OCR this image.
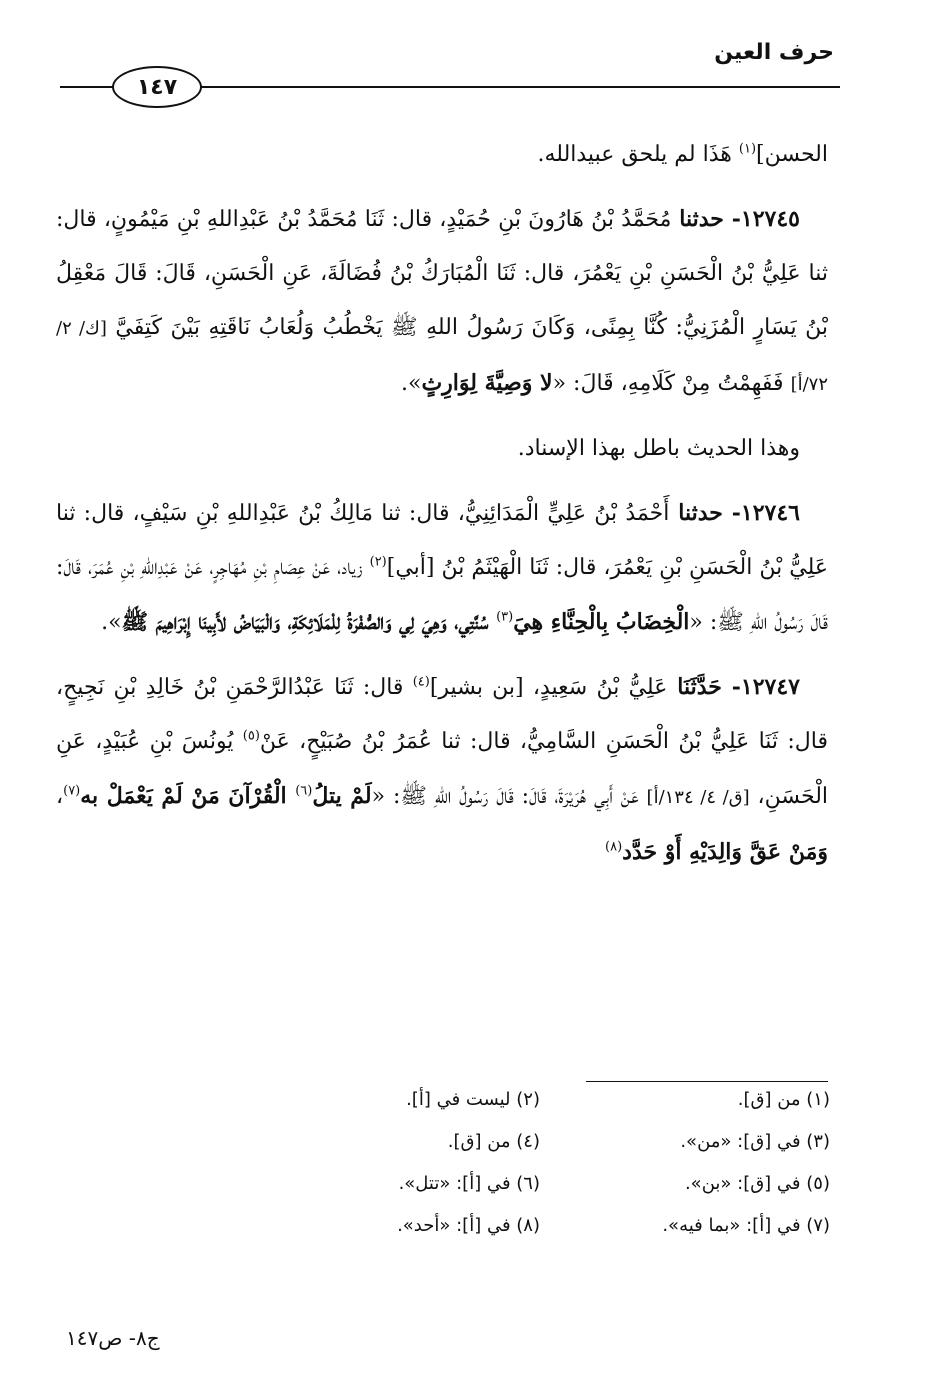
حرف العين
١٤٧

الحسن]$^{(١)}$ هَذَا لم يلحق عبيدالله.

١٢٧٤٥- حدثنا مُحَمَّدُ بْنُ هَارُونَ بْنِ حُمَيْدٍ، قال: ثَنَا مُحَمَّدُ بْنُ عَبْدِاللهِ بْنِ مَيْمُونٍ، قال: ثنا عَلِيُّ بْنُ الْحَسَنِ بْنِ يَعْمُرَ، قال: ثَنَا الْمُبَارَكُ بْنُ فُضَالَةَ، عَنِ الْحَسَنِ، قَالَ: قَالَ مَعْقِلُ بْنُ يَسَارٍ الْمُزَنِيُّ: كُنَّا بِمِنًى، وَكَانَ رَسُولُ اللهِ ﷺ يَخْطُبُ وَلُعَابُ نَاقَتِهِ بَيْنَ كَتِفَيَّ [ك/ ٢/ ٧٢/أ] فَفَهِمْتُ مِنْ كَلَامِهِ، قَالَ: «لا وَصِيَّةَ لِوَارِثٍ».

وهذا الحديث باطل بهذا الإسناد.

١٢٧٤٦- حدثنا أَحْمَدُ بْنُ عَلِيٍّ الْمَدَائِنِيُّ، قال: ثنا مَالِكُ بْنُ عَبْدِاللهِ بْنِ سَيْفٍ، قال: ثنا عَلِيُّ بْنُ الْحَسَنِ بْنِ يَعْمُرَ، قال: ثَنَا الْهَيْثَمُ بْنُ [أبي]$^{(٢)}$ زياد، عَنْ عِصَامِ بْنِ مُهَاجِرٍ، عَنْ عَبْدِاللهِ بْنِ عُمَرَ، قَالَ: قَالَ رَسُولُ اللهِ ﷺ: «الْخِضَابُ بِالْحِنَّاءِ هِيَ$^{(٣)}$ سُنَّتِي، وَهِيَ لِي وَالصُّفْرَةُ لِلْمَلَائِكَةِ، وَالْبَيَاضُ لأَبِينَا إِبْرَاهِيمَ ﷺ».

١٢٧٤٧- حَدَّثَنَا عَلِيُّ بْنُ سَعِيدٍ، [بن بشير]$^{(٤)}$ قال: ثَنَا عَبْدُالرَّحْمَنِ بْنُ خَالِدِ بْنِ نَجِيحٍ، قال: ثَنَا عَلِيُّ بْنُ الْحَسَنِ السَّامِيُّ، قال: ثنا عُمَرُ بْنُ صُبَيْحٍ، عَنْ$^{(٥)}$ يُونُسَ بْنِ عُبَيْدٍ، عَنِ الْحَسَنِ، [ق/ ٤/ ١٣٤/أ] عَنْ أَبِي هُرَيْرَةَ، قَالَ: قَالَ رَسُولُ اللهِ ﷺ: «لَمْ يتلُ$^{(٦)}$ الْقُرْآنَ مَنْ لَمْ يَعْمَلْ به$^{(٧)}$، وَمَنْ عَقَّ وَالِدَيْهِ أَوْ حَدَّد$^{(٨)}$

(١) من [ق].
(٢) ليست في [أ].
(٣) في [ق]: «من».
(٤) من [ق].
(٥) في [ق]: «بن».
(٦) في [أ]: «تتل».
(٧) في [أ]: «بما فيه».
(٨) في [أ]: «أحد».
ج٨- ص١٤٧
